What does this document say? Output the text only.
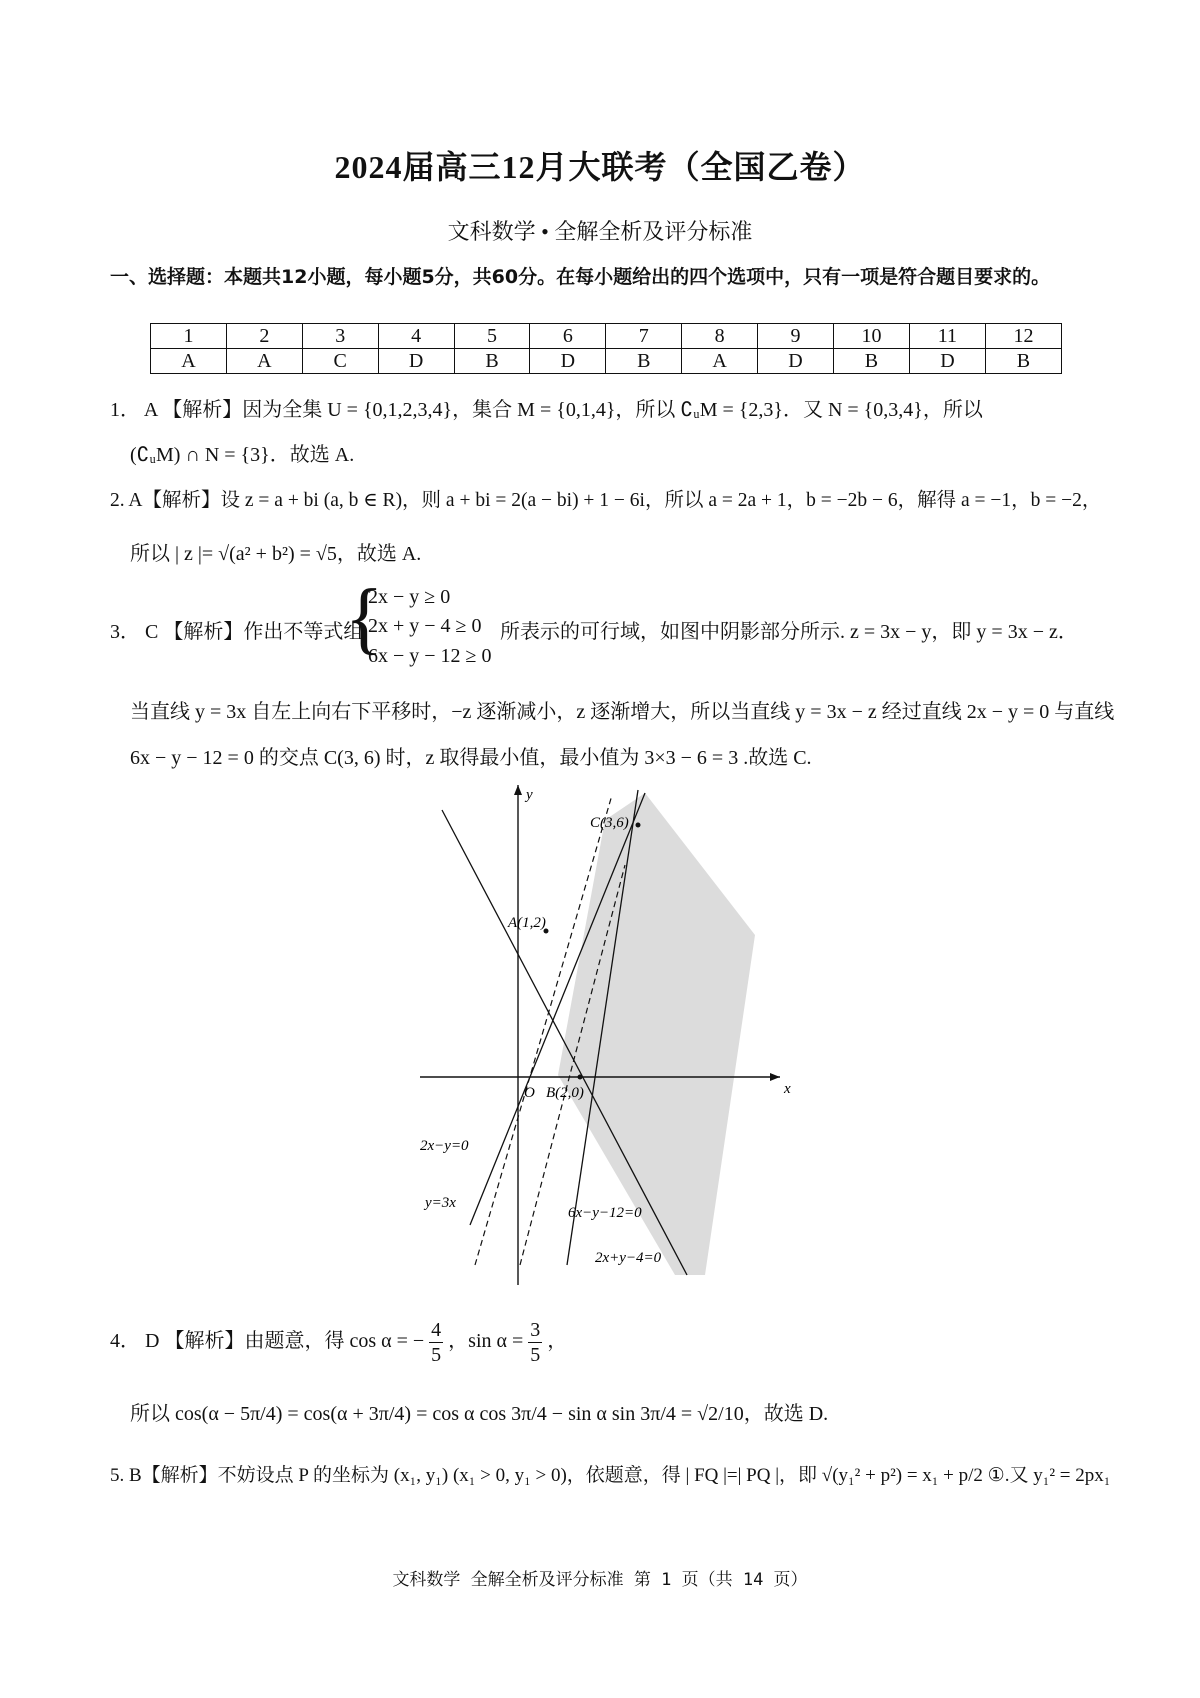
2024届高三12月大联考（全国乙卷）
文科数学 • 全解全析及评分标准
一、选择题：本题共12小题，每小题5分，共60分。在每小题给出的四个选项中，只有一项是符合题目要求的。
1	2	3	4	5	6	7	8	9	10	11	12
A	A	C	D	B	D	B	A	D	B	D	B
1． A 【解析】因为全集 U = {0,1,2,3,4}，集合 M = {0,1,4}，所以 ∁ᵤM = {2,3}．又 N = {0,3,4}，所以
(∁ᵤM) ∩ N = {3}．故选 A.
2. A【解析】设 z = a + bi (a, b ∈ R)，则 a + bi = 2(a − bi) + 1 − 6i，所以 a = 2a + 1，b = −2b − 6，解得 a = −1，b = −2，
所以 | z |= √(a² + b²) = √5，故选 A.
3． C 【解析】作出不等式组
{
2x − y ≥ 0
2x + y − 4 ≥ 0
6x − y − 12 ≥ 0
所表示的可行域，如图中阴影部分所示. z = 3x − y，即 y = 3x − z．
当直线 y = 3x 自左上向右下平移时，−z 逐渐减小，z 逐渐增大，所以当直线 y = 3x − z 经过直线 2x − y = 0 与直线
6x − y − 12 = 0 的交点 C(3, 6) 时，z 取得最小值，最小值为 3×3 − 6 = 3 .故选 C.
y
x
C(3,6)
A(1,2)
O B(2,0)
2x−y=0
y=3x
6x−y−12=0
2x+y−4=0
4． D 【解析】由题意，得 cos α = − $\frac{4}{5}$ ，$\sin \alpha = \frac{3}{5}$ ，
所以 cos(α − 5π/4) = cos(α + 3π/4) = cos α cos 3π/4 − sin α sin 3π/4 = √2/10，故选 D.
5. B【解析】不妨设点 P 的坐标为 (x₁, y₁) (x₁ > 0, y₁ > 0)，依题意，得 | FQ |=| PQ |，即 √(y₁² + p²) = x₁ + p/2 ①.又 y₁² = 2px₁
文科数学 全解全析及评分标准 第 1 页（共 14 页）
